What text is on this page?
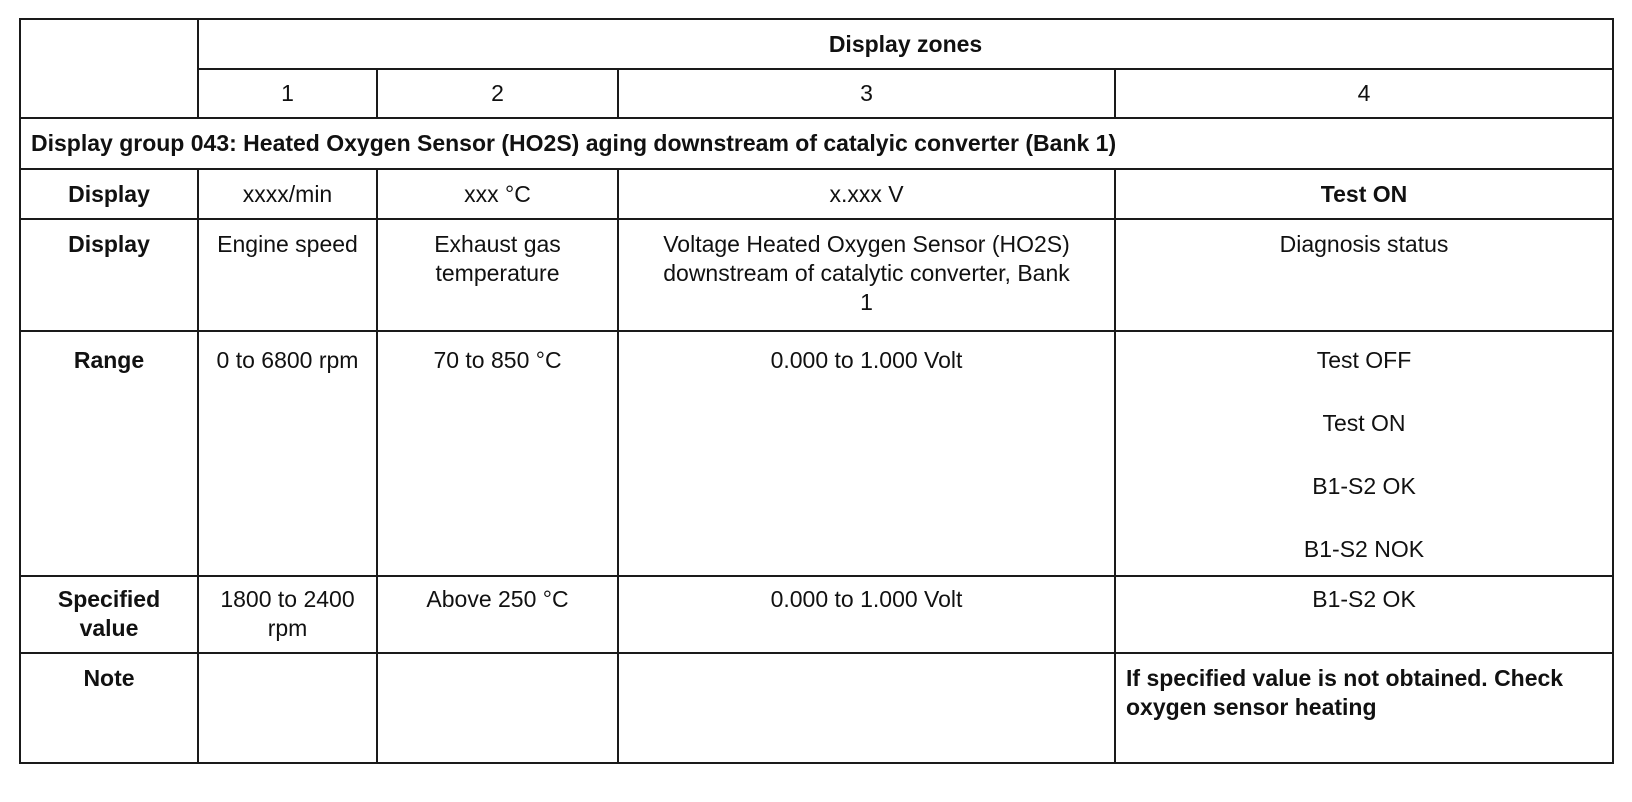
	Display zones			
	1	2	3	4
Display group 043: Heated Oxygen Sensor (HO2S) aging downstream of catalyic converter (Bank 1)				
Display	xxxx/min	xxx °C	x.xxx V	Test ON
Display	Engine speed	Exhaust gas temperature	Voltage Heated Oxygen Sensor (HO2S) downstream of catalytic converter, Bank 1	Diagnosis status
Range	0 to 6800 rpm	70 to 850 °C	0.000 to 1.000 Volt	Test OFF
Test ON
B1-S2 OK
B1-S2 NOK

Specified value	1800 to 2400 rpm	Above 250 °C	0.000 to 1.000 Volt	B1-S2 OK
Note				If specified value is not obtained. Check oxygen sensor heating
